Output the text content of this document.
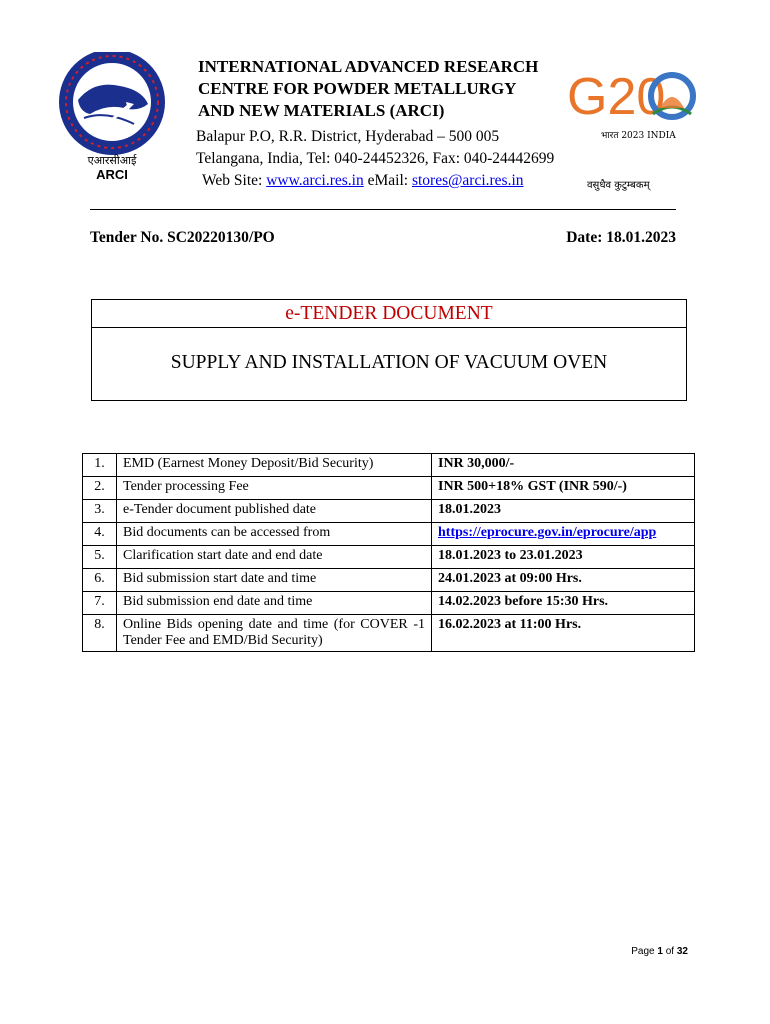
एआरसीआई
ARCI
G20
भारत 2023 INDIA
वसुधैव कुटुम्बकम्
INTERNATIONAL ADVANCED RESEARCH
CENTRE FOR POWDER METALLURGY
AND NEW MATERIALS (ARCI)
Balapur P.O, R.R. District, Hyderabad – 500 005
Telangana, India, Tel: 040-24452326, Fax: 040-24442699
Web Site: www.arci.res.in eMail: stores@arci.res.in
Tender No. SC20220130/PO	Date: 18.01.2023
e-TENDER DOCUMENT
SUPPLY AND INSTALLATION OF VACUUM OVEN
1.	EMD (Earnest Money Deposit/Bid Security)	INR 30,000/-
2.	Tender processing Fee	INR 500+18% GST (INR 590/-)
3.	e-Tender document published date	18.01.2023
4.	Bid documents can be accessed from	https://eprocure.gov.in/eprocure/app
5.	Clarification start date and end date	18.01.2023 to 23.01.2023
6.	Bid submission start date and time	24.01.2023 at 09:00 Hrs.
7.	Bid submission end date and time	14.02.2023 before 15:30 Hrs.
8.	Online Bids opening date and time (for COVER -1 Tender Fee and EMD/Bid Security)	16.02.2023 at 11:00 Hrs.
Page 1 of 32
